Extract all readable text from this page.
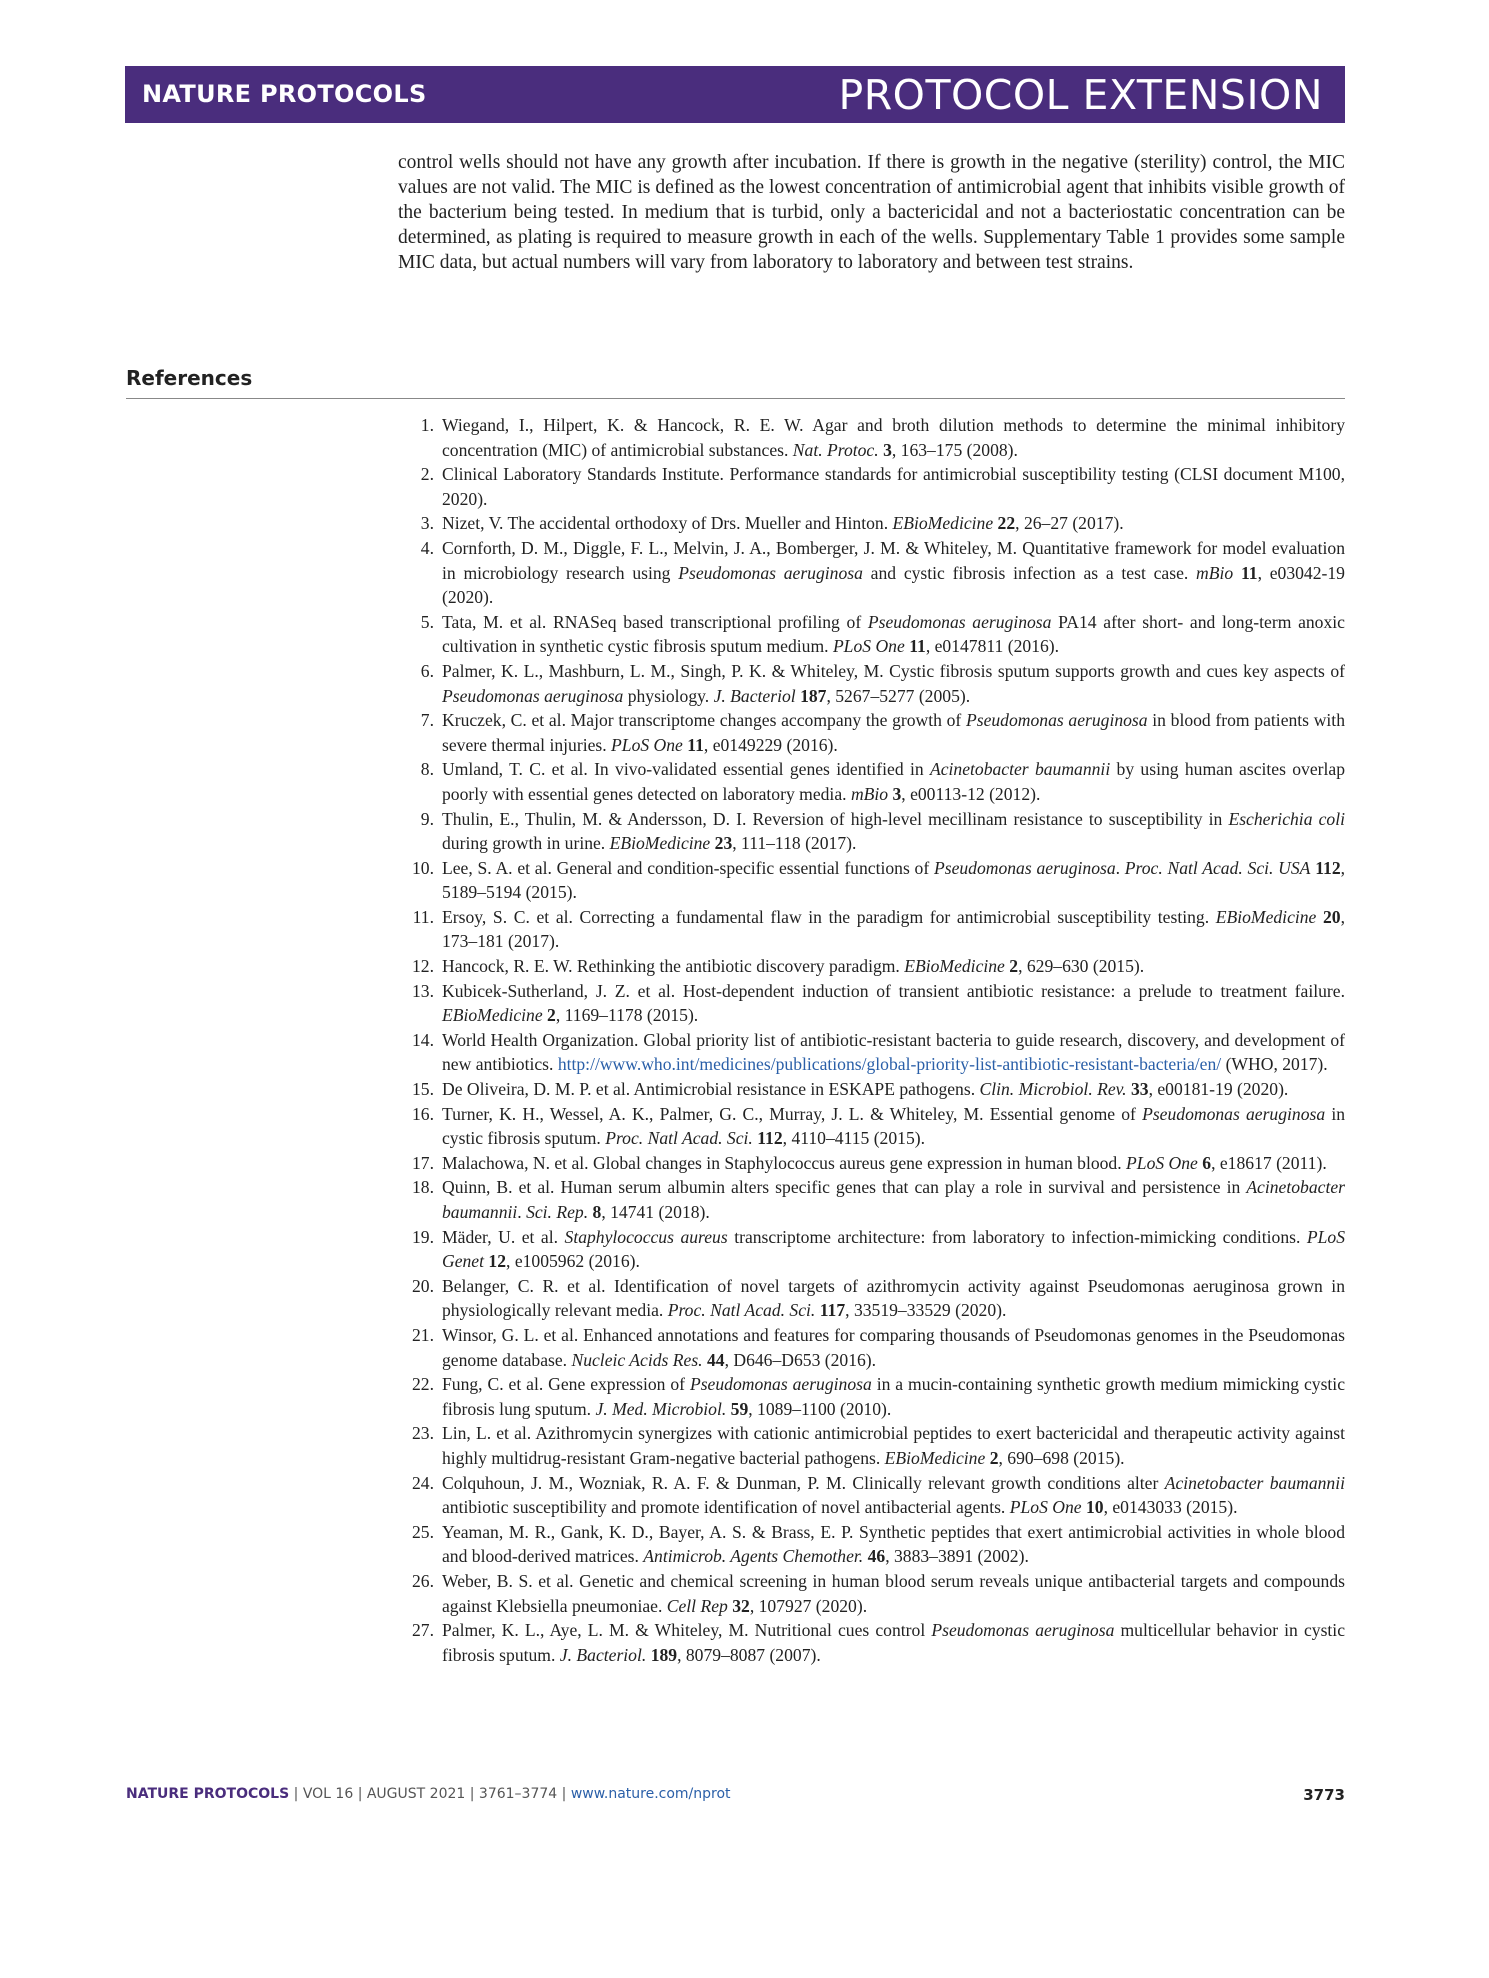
NATURE PROTOCOLS	PROTOCOL EXTENSION

control wells should not have any growth after incubation. If there is growth in the negative (sterility) control, the MIC values are not valid. The MIC is defined as the lowest concentration of antimicrobial agent that inhibits visible growth of the bacterium being tested. In medium that is turbid, only a bactericidal and not a bacteriostatic concentration can be determined, as plating is required to measure growth in each of the wells. Supplementary Table 1 provides some sample MIC data, but actual numbers will vary from laboratory to laboratory and between test strains.

References
1. Wiegand, I., Hilpert, K. & Hancock, R. E. W. Agar and broth dilution methods to determine the minimal inhibitory concentration (MIC) of antimicrobial substances. Nat. Protoc. 3, 163–175 (2008).
2. Clinical Laboratory Standards Institute. Performance standards for antimicrobial susceptibility testing (CLSI document M100, 2020).
3. Nizet, V. The accidental orthodoxy of Drs. Mueller and Hinton. EBioMedicine 22, 26–27 (2017).
4. Cornforth, D. M., Diggle, F. L., Melvin, J. A., Bomberger, J. M. & Whiteley, M. Quantitative framework for model evaluation in microbiology research using Pseudomonas aeruginosa and cystic fibrosis infection as a test case. mBio 11, e03042-19 (2020).
5. Tata, M. et al. RNASeq based transcriptional profiling of Pseudomonas aeruginosa PA14 after short- and long-term anoxic cultivation in synthetic cystic fibrosis sputum medium. PLoS One 11, e0147811 (2016).
6. Palmer, K. L., Mashburn, L. M., Singh, P. K. & Whiteley, M. Cystic fibrosis sputum supports growth and cues key aspects of Pseudomonas aeruginosa physiology. J. Bacteriol 187, 5267–5277 (2005).
7. Kruczek, C. et al. Major transcriptome changes accompany the growth of Pseudomonas aeruginosa in blood from patients with severe thermal injuries. PLoS One 11, e0149229 (2016).
8. Umland, T. C. et al. In vivo-validated essential genes identified in Acinetobacter baumannii by using human ascites overlap poorly with essential genes detected on laboratory media. mBio 3, e00113-12 (2012).
9. Thulin, E., Thulin, M. & Andersson, D. I. Reversion of high-level mecillinam resistance to susceptibility in Escherichia coli during growth in urine. EBioMedicine 23, 111–118 (2017).
10. Lee, S. A. et al. General and condition-specific essential functions of Pseudomonas aeruginosa. Proc. Natl Acad. Sci. USA 112, 5189–5194 (2015).
11. Ersoy, S. C. et al. Correcting a fundamental flaw in the paradigm for antimicrobial susceptibility testing. EBioMedicine 20, 173–181 (2017).
12. Hancock, R. E. W. Rethinking the antibiotic discovery paradigm. EBioMedicine 2, 629–630 (2015).
13. Kubicek-Sutherland, J. Z. et al. Host-dependent induction of transient antibiotic resistance: a prelude to treatment failure. EBioMedicine 2, 1169–1178 (2015).
14. World Health Organization. Global priority list of antibiotic-resistant bacteria to guide research, discovery, and development of new antibiotics. http://www.who.int/medicines/publications/global-priority-list-antibiotic-resistant-bacteria/en/ (WHO, 2017).
15. De Oliveira, D. M. P. et al. Antimicrobial resistance in ESKAPE pathogens. Clin. Microbiol. Rev. 33, e00181-19 (2020).
16. Turner, K. H., Wessel, A. K., Palmer, G. C., Murray, J. L. & Whiteley, M. Essential genome of Pseudomonas aeruginosa in cystic fibrosis sputum. Proc. Natl Acad. Sci. 112, 4110–4115 (2015).
17. Malachowa, N. et al. Global changes in Staphylococcus aureus gene expression in human blood. PLoS One 6, e18617 (2011).
18. Quinn, B. et al. Human serum albumin alters specific genes that can play a role in survival and persistence in Acinetobacter baumannii. Sci. Rep. 8, 14741 (2018).
19. Mäder, U. et al. Staphylococcus aureus transcriptome architecture: from laboratory to infection-mimicking conditions. PLoS Genet 12, e1005962 (2016).
20. Belanger, C. R. et al. Identification of novel targets of azithromycin activity against Pseudomonas aeruginosa grown in physiologically relevant media. Proc. Natl Acad. Sci. 117, 33519–33529 (2020).
21. Winsor, G. L. et al. Enhanced annotations and features for comparing thousands of Pseudomonas genomes in the Pseudomonas genome database. Nucleic Acids Res. 44, D646–D653 (2016).
22. Fung, C. et al. Gene expression of Pseudomonas aeruginosa in a mucin-containing synthetic growth medium mimicking cystic fibrosis lung sputum. J. Med. Microbiol. 59, 1089–1100 (2010).
23. Lin, L. et al. Azithromycin synergizes with cationic antimicrobial peptides to exert bactericidal and therapeutic activity against highly multidrug-resistant Gram-negative bacterial pathogens. EBioMedicine 2, 690–698 (2015).
24. Colquhoun, J. M., Wozniak, R. A. F. & Dunman, P. M. Clinically relevant growth conditions alter Acinetobacter baumannii antibiotic susceptibility and promote identification of novel antibacterial agents. PLoS One 10, e0143033 (2015).
25. Yeaman, M. R., Gank, K. D., Bayer, A. S. & Brass, E. P. Synthetic peptides that exert antimicrobial activities in whole blood and blood-derived matrices. Antimicrob. Agents Chemother. 46, 3883–3891 (2002).
26. Weber, B. S. et al. Genetic and chemical screening in human blood serum reveals unique antibacterial targets and compounds against Klebsiella pneumoniae. Cell Rep 32, 107927 (2020).
27. Palmer, K. L., Aye, L. M. & Whiteley, M. Nutritional cues control Pseudomonas aeruginosa multicellular behavior in cystic fibrosis sputum. J. Bacteriol. 189, 8079–8087 (2007).
NATURE PROTOCOLS | VOL 16 | AUGUST 2021 | 3761–3774 | www.nature.com/nprot	3773
